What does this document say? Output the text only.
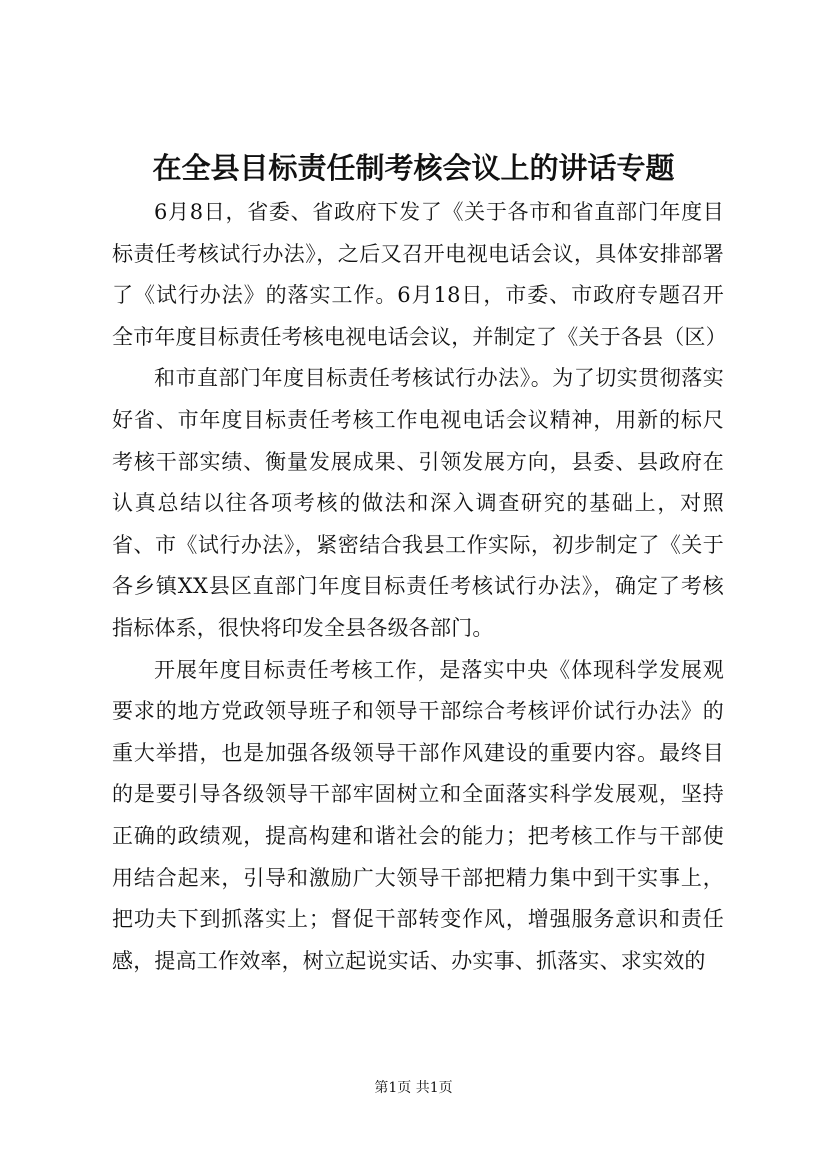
在全县目标责任制考核会议上的讲话专题

6月8日，省委、省政府下发了《关于各市和省直部门年度目标责任考核试行办法》，之后又召开电视电话会议，具体安排部署了《试行办法》的落实工作。6月18日，市委、市政府专题召开全市年度目标责任考核电视电话会议，并制定了《关于各县（区）

和市直部门年度目标责任考核试行办法》。为了切实贯彻落实好省、市年度目标责任考核工作电视电话会议精神，用新的标尺考核干部实绩、衡量发展成果、引领发展方向，县委、县政府在认真总结以往各项考核的做法和深入调查研究的基础上，对照省、市《试行办法》，紧密结合我县工作实际，初步制定了《关于各乡镇XX县区直部门年度目标责任考核试行办法》，确定了考核指标体系，很快将印发全县各级各部门。

开展年度目标责任考核工作，是落实中央《体现科学发展观要求的地方党政领导班子和领导干部综合考核评价试行办法》的重大举措，也是加强各级领导干部作风建设的重要内容。最终目的是要引导各级领导干部牢固树立和全面落实科学发展观，坚持正确的政绩观，提高构建和谐社会的能力；把考核工作与干部使用结合起来，引导和激励广大领导干部把精力集中到干实事上，把功夫下到抓落实上；督促干部转变作风，增强服务意识和责任感，提高工作效率，树立起说实话、办实事、抓落实、求实效的

第1页 共1页
